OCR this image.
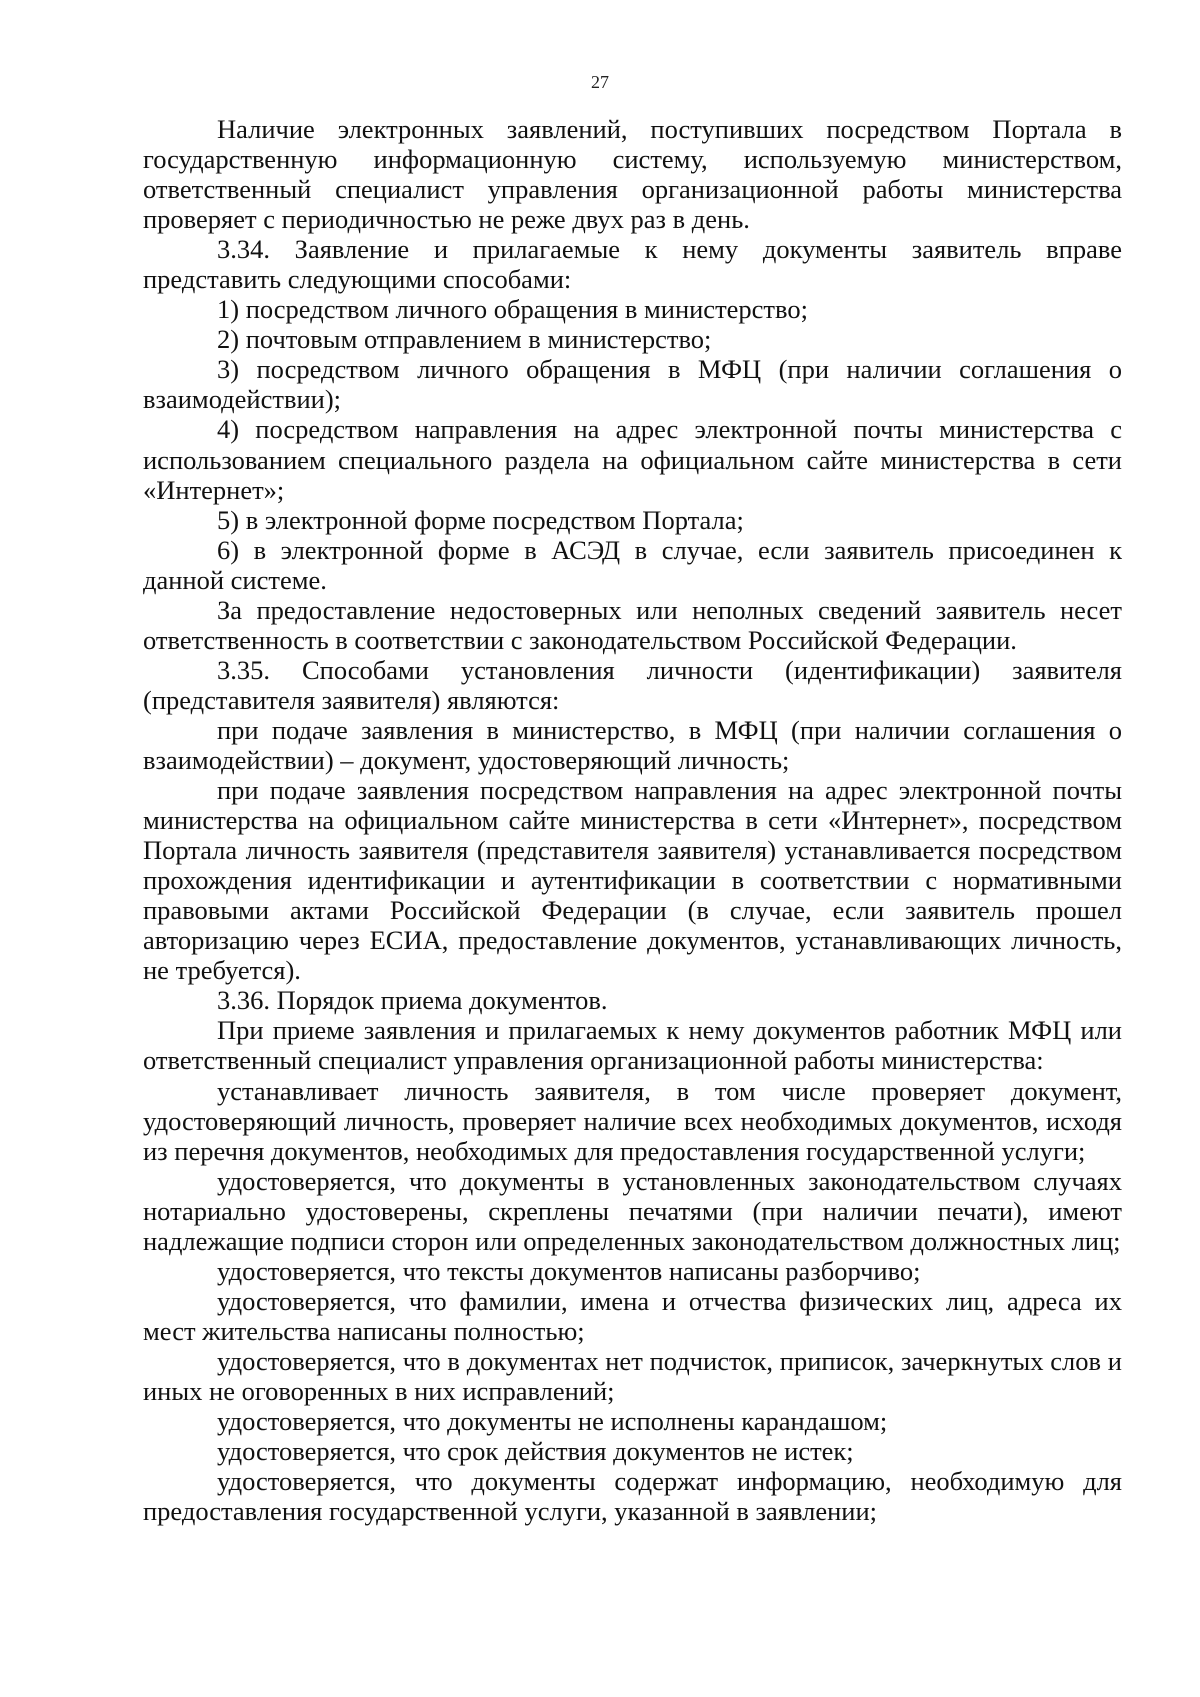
27

Наличие электронных заявлений, поступивших посредством Портала в государственную информационную систему, используемую министерством, ответственный специалист управления организационной работы министерства проверяет с периодичностью не реже двух раз в день.

3.34. Заявление и прилагаемые к нему документы заявитель вправе представить следующими способами:

1) посредством личного обращения в министерство;

2) почтовым отправлением в министерство;

3) посредством личного обращения в МФЦ (при наличии соглашения о взаимодействии);

4) посредством направления на адрес электронной почты министерства с использованием специального раздела на официальном сайте министерства в сети «Интернет»;

5) в электронной форме посредством Портала;

6) в электронной форме в АСЭД в случае, если заявитель присоединен к данной системе.

За предоставление недостоверных или неполных сведений заявитель несет ответственность в соответствии с законодательством Российской Федерации.

3.35. Способами установления личности (идентификации) заявителя (представителя заявителя) являются:

при подаче заявления в министерство, в МФЦ (при наличии соглашения о взаимодействии) – документ, удостоверяющий личность;

при подаче заявления посредством направления на адрес электронной почты министерства на официальном сайте министерства в сети «Интернет», посредством Портала личность заявителя (представителя заявителя) устанавливается посредством прохождения идентификации и аутентификации в соответствии с нормативными правовыми актами Российской Федерации (в случае, если заявитель прошел авторизацию через ЕСИА, предоставление документов, устанавливающих личность, не требуется).

3.36. Порядок приема документов.

При приеме заявления и прилагаемых к нему документов работник МФЦ или ответственный специалист управления организационной работы министерства:

устанавливает личность заявителя, в том числе проверяет документ, удостоверяющий личность, проверяет наличие всех необходимых документов, исходя из перечня документов, необходимых для предоставления государственной услуги;

удостоверяется, что документы в установленных законодательством случаях нотариально удостоверены, скреплены печатями (при наличии печати), имеют надлежащие подписи сторон или определенных законодательством должностных лиц;

удостоверяется, что тексты документов написаны разборчиво;

удостоверяется, что фамилии, имена и отчества физических лиц, адреса их мест жительства написаны полностью;

удостоверяется, что в документах нет подчисток, приписок, зачеркнутых слов и иных не оговоренных в них исправлений;

удостоверяется, что документы не исполнены карандашом;

удостоверяется, что срок действия документов не истек;

удостоверяется, что документы содержат информацию, необходимую для предоставления государственной услуги, указанной в заявлении;
